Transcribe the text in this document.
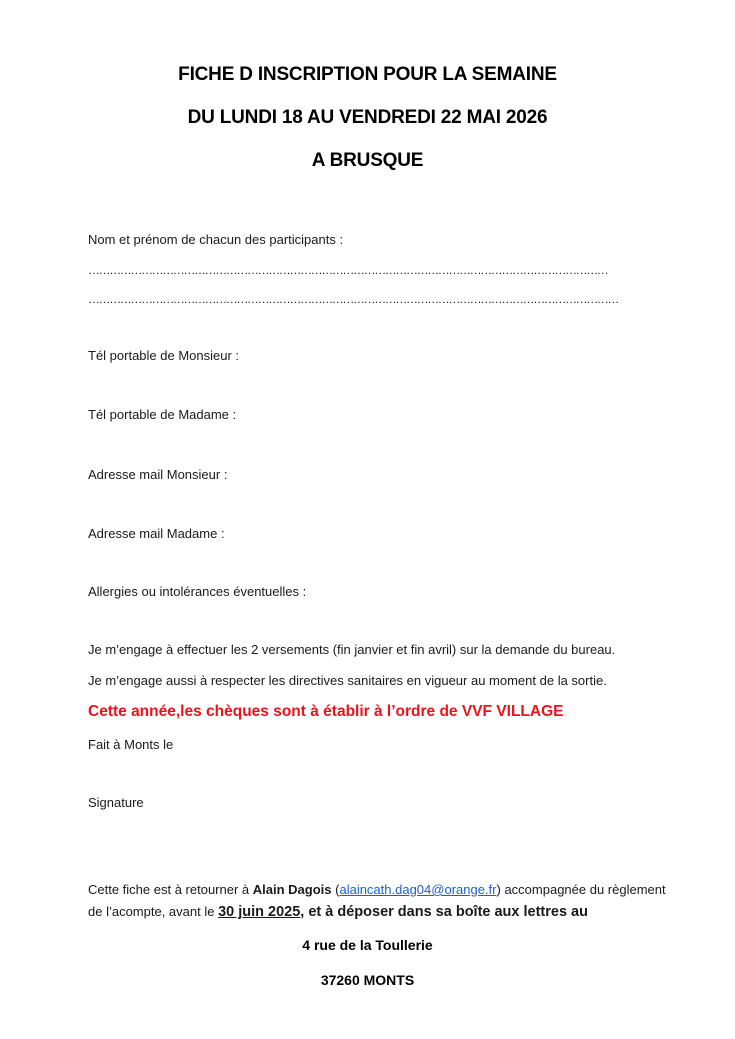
FICHE D INSCRIPTION POUR LA SEMAINE
DU LUNDI 18 AU VENDREDI 22 MAI 2026
A BRUSQUE
Nom et prénom de chacun des participants :
…………………………………………………………………………………………………………………………………
……………………………………………………………………………………………………………………………………
Tél portable de Monsieur :
Tél portable de Madame :
Adresse mail Monsieur :
Adresse mail Madame :
Allergies ou intolérances éventuelles :
Je m’engage à effectuer les 2 versements (fin janvier et fin avril) sur la demande du bureau.
Je m’engage aussi à respecter les directives sanitaires en vigueur au moment de la sortie.
Cette année,les chèques sont à établir à l’ordre de VVF VILLAGE
Fait à Monts le
Signature
Cette fiche est à retourner à Alain Dagois (alaincath.dag04@orange.fr) accompagnée du règlement
de l’acompte, avant le 30 juin 2025, et à déposer dans sa boîte aux lettres au
4 rue de la Toullerie
37260 MONTS
